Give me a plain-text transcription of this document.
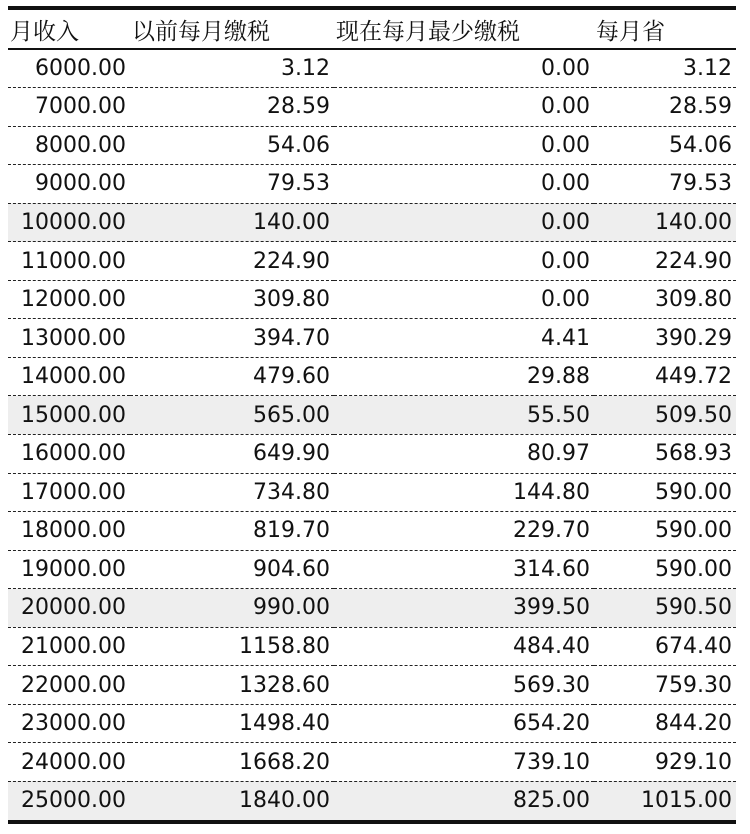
月收入	以前每月缴税	现在每月最少缴税	每月省
6000.00	3.12	0.00	3.12
7000.00	28.59	0.00	28.59
8000.00	54.06	0.00	54.06
9000.00	79.53	0.00	79.53
10000.00	140.00	0.00	140.00
11000.00	224.90	0.00	224.90
12000.00	309.80	0.00	309.80
13000.00	394.70	4.41	390.29
14000.00	479.60	29.88	449.72
15000.00	565.00	55.50	509.50
16000.00	649.90	80.97	568.93
17000.00	734.80	144.80	590.00
18000.00	819.70	229.70	590.00
19000.00	904.60	314.60	590.00
20000.00	990.00	399.50	590.50
21000.00	1158.80	484.40	674.40
22000.00	1328.60	569.30	759.30
23000.00	1498.40	654.20	844.20
24000.00	1668.20	739.10	929.10
25000.00	1840.00	825.00	1015.00
